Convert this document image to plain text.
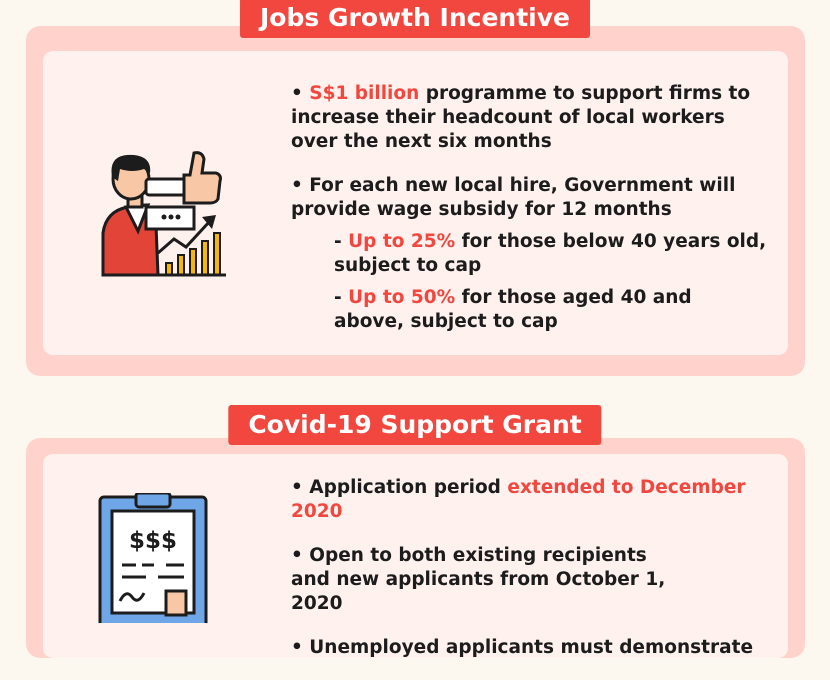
Jobs Growth Incentive
• S$1 billion programme to support firms to increase their headcount of local workers over the next six months
• For each new local hire, Government will provide wage subsidy for 12 months
- Up to 25% for those below 40 years old, subject to cap
- Up to 50% for those aged 40 and above, subject to cap
Covid-19 Support Grant
$$$
• Application period extended to December 2020
• Open to both existing recipients and new applicants from October 1, 2020
• Unemployed applicants must demonstrate
